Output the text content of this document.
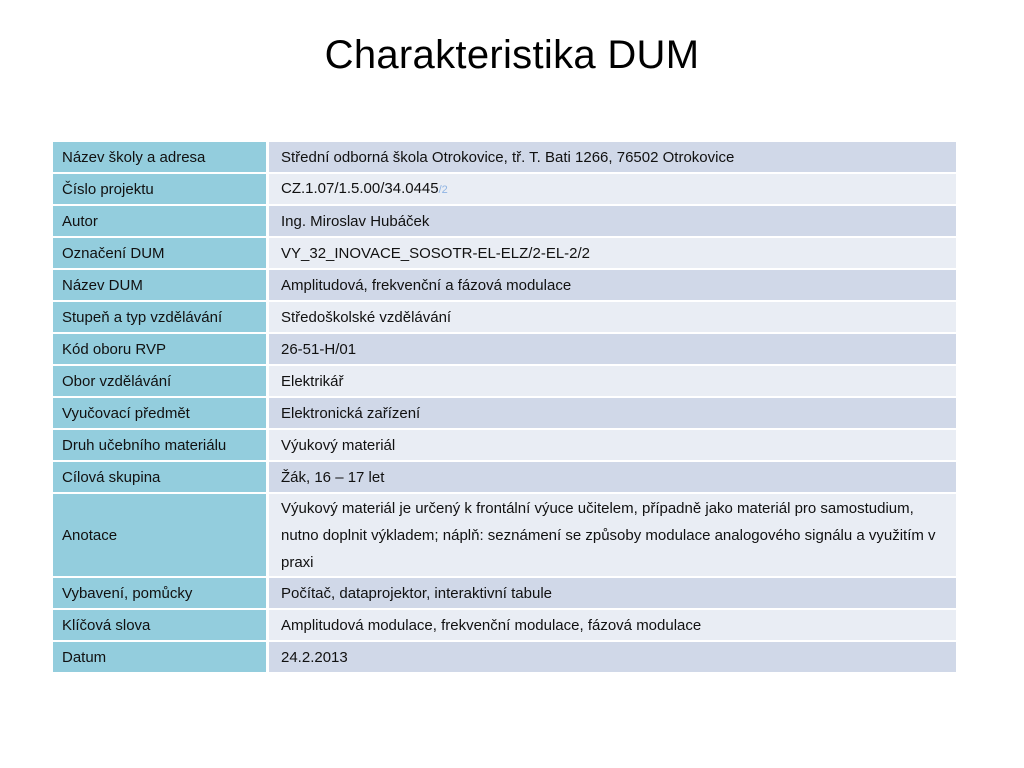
Charakteristika DUM
Název školy a adresa	Střední odborná škola Otrokovice, tř. T. Bati 1266, 76502 Otrokovice
Číslo projektu	CZ.1.07/1.5.00/34.0445/2
Autor	Ing. Miroslav Hubáček
Označení DUM	VY_32_INOVACE_SOSOTR-EL-ELZ/2-EL-2/2
Název DUM	Amplitudová, frekvenční a fázová modulace
Stupeň a typ vzdělávání	Středoškolské vzdělávání
Kód oboru RVP	26-51-H/01
Obor vzdělávání	Elektrikář
Vyučovací předmět	Elektronická zařízení
Druh učebního materiálu	Výukový materiál
Cílová skupina	Žák, 16 – 17 let
Anotace	Výukový materiál je určený k frontální výuce učitelem, případně jako materiál pro samostudium, nutno doplnit výkladem; náplň: seznámení se způsoby modulace analogového signálu a využitím v praxi
Vybavení, pomůcky	Počítač, dataprojektor, interaktivní tabule
Klíčová slova	Amplitudová modulace, frekvenční modulace, fázová modulace
Datum	24.2.2013
